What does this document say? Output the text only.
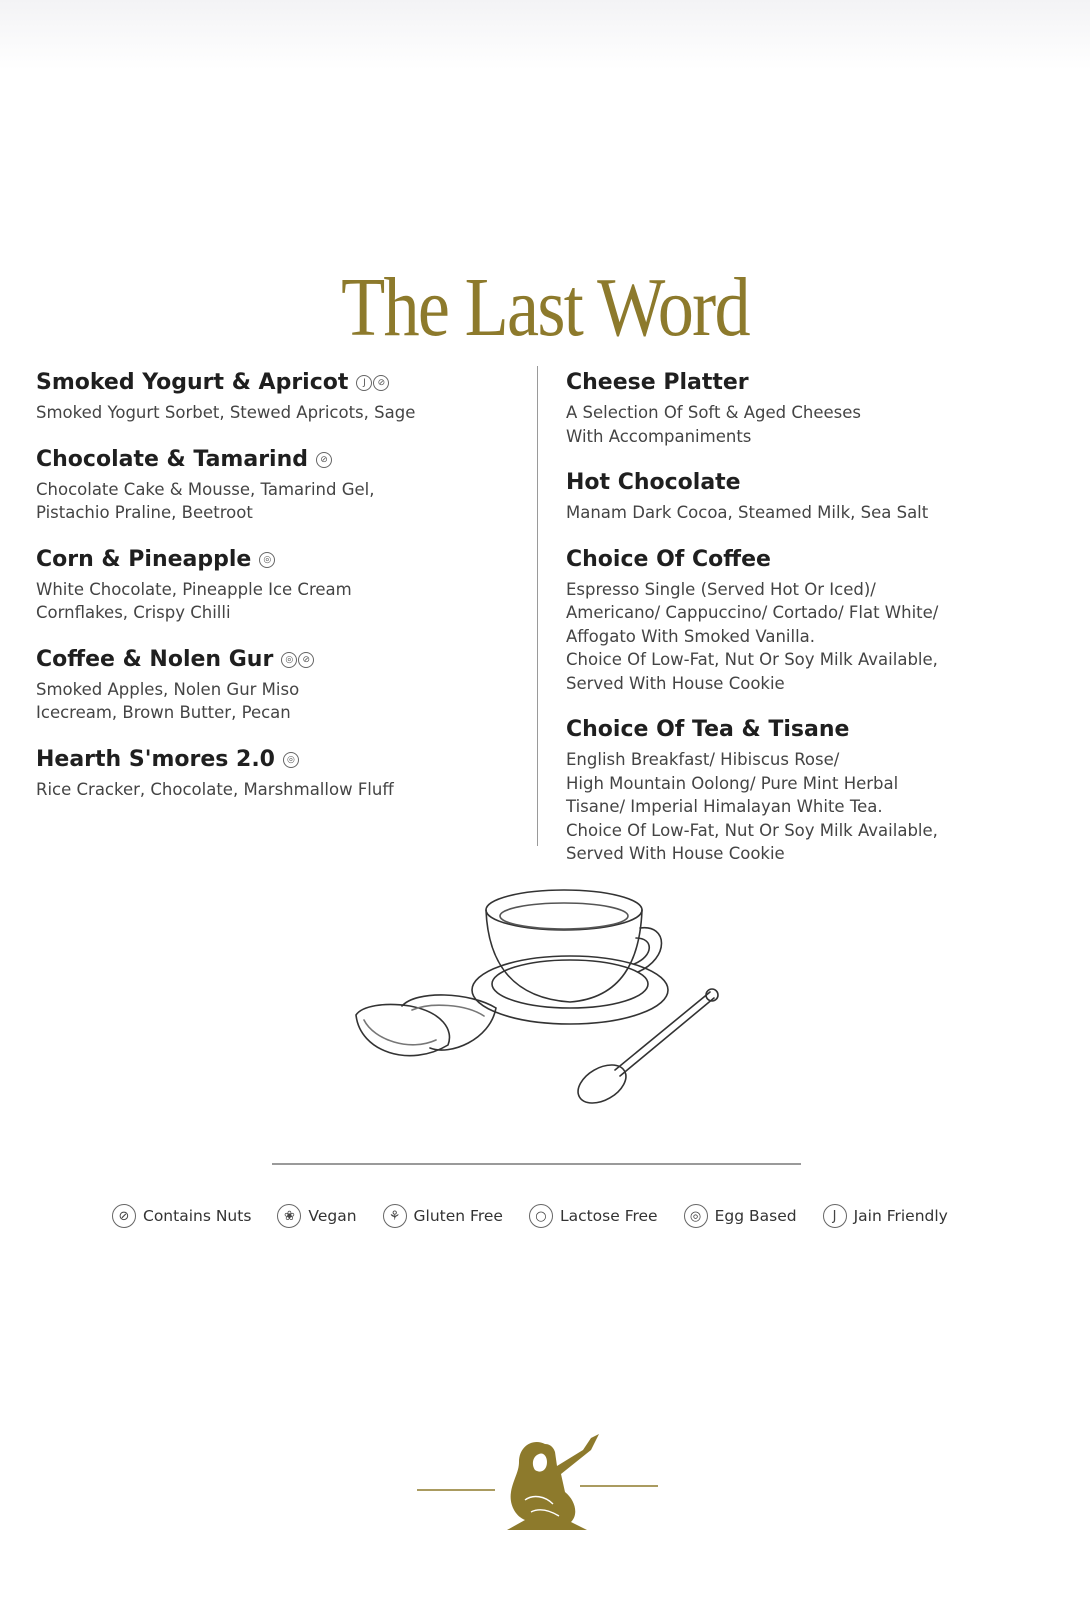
The Last Word
Smoked Yogurt & Apricot	J	⊘
Smoked Yogurt Sorbet, Stewed Apricots, Sage
Chocolate & Tamarind	⊘
Chocolate Cake & Mousse, Tamarind Gel,
Pistachio Praline, Beetroot
Corn & Pineapple	◎
White Chocolate, Pineapple Ice Cream
Cornflakes, Crispy Chilli
Coffee & Nolen Gur	◎	⊘
Smoked Apples, Nolen Gur Miso
Icecream, Brown Butter, Pecan
Hearth S'mores 2.0	◎
Rice Cracker, Chocolate, Marshmallow Fluff
Cheese Platter
A Selection Of Soft & Aged Cheeses
With Accompaniments
Hot Chocolate
Manam Dark Cocoa, Steamed Milk, Sea Salt
Choice Of Coffee
Espresso Single (Served Hot Or Iced)/
Americano/ Cappuccino/ Cortado/ Flat White/
Affogato With Smoked Vanilla.
Choice Of Low-Fat, Nut Or Soy Milk Available,
Served With House Cookie
Choice Of Tea & Tisane
English Breakfast/ Hibiscus Rose/
High Mountain Oolong/ Pure Mint Herbal
Tisane/ Imperial Himalayan White Tea.
Choice Of Low-Fat, Nut Or Soy Milk Available,
Served With House Cookie
⊘ Contains Nuts	❀ Vegan	⚘ Gluten Free	○ Lactose Free	◎ Egg Based	J	Jain Friendly
